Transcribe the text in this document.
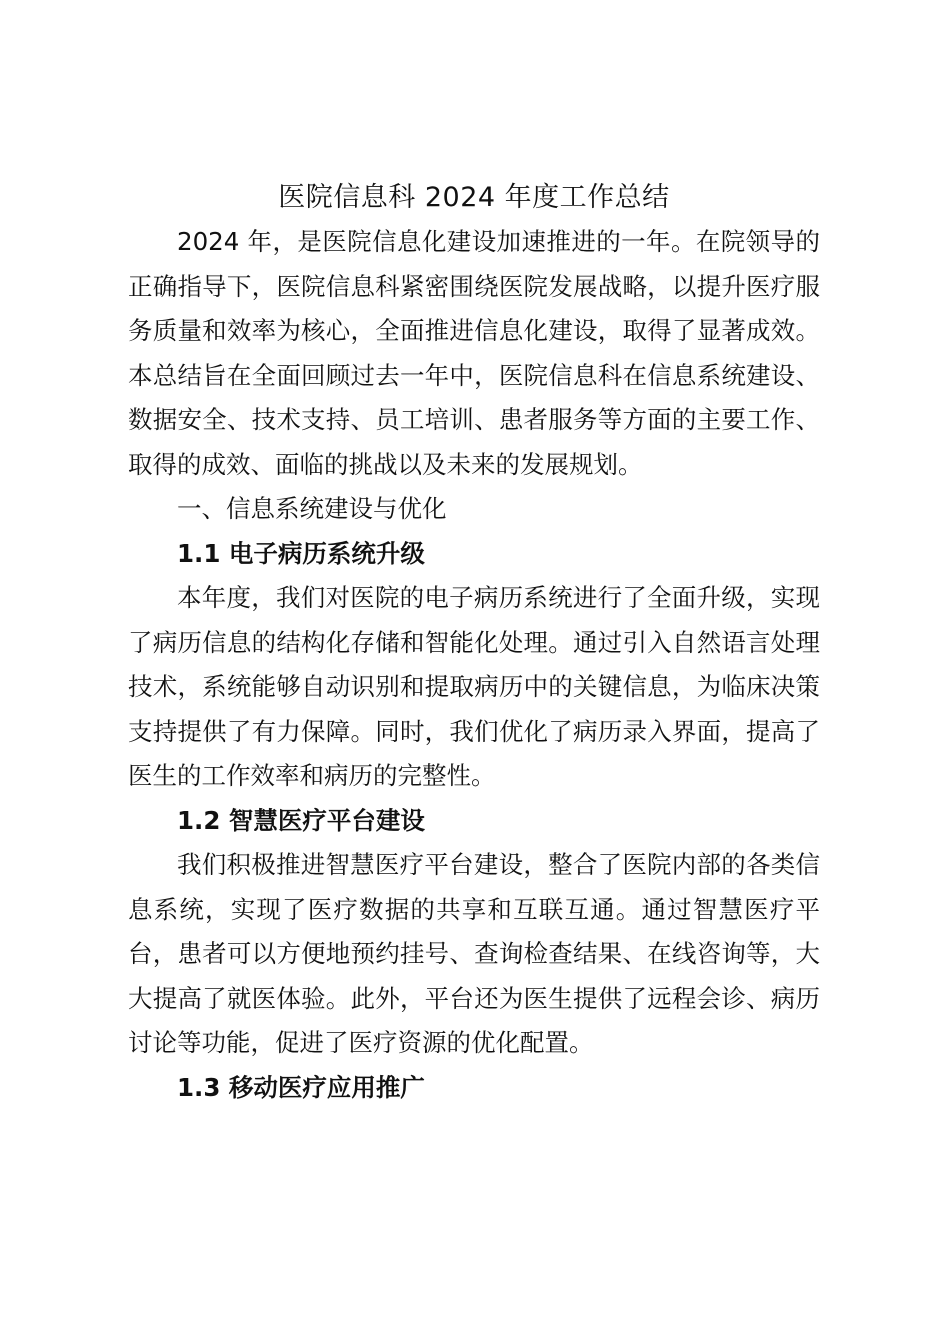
医院信息科 2024 年度工作总结

2024 年，是医院信息化建设加速推进的一年。在院领导的正确指导下，医院信息科紧密围绕医院发展战略，以提升医疗服务质量和效率为核心，全面推进信息化建设，取得了显著成效。本总结旨在全面回顾过去一年中，医院信息科在信息系统建设、数据安全、技术支持、员工培训、患者服务等方面的主要工作、取得的成效、面临的挑战以及未来的发展规划。

一、信息系统建设与优化

1.1 电子病历系统升级

本年度，我们对医院的电子病历系统进行了全面升级，实现了病历信息的结构化存储和智能化处理。通过引入自然语言处理技术，系统能够自动识别和提取病历中的关键信息，为临床决策支持提供了有力保障。同时，我们优化了病历录入界面，提高了医生的工作效率和病历的完整性。

1.2 智慧医疗平台建设

我们积极推进智慧医疗平台建设，整合了医院内部的各类信息系统，实现了医疗数据的共享和互联互通。通过智慧医疗平台，患者可以方便地预约挂号、查询检查结果、在线咨询等，大大提高了就医体验。此外，平台还为医生提供了远程会诊、病历讨论等功能，促进了医疗资源的优化配置。

1.3 移动医疗应用推广
